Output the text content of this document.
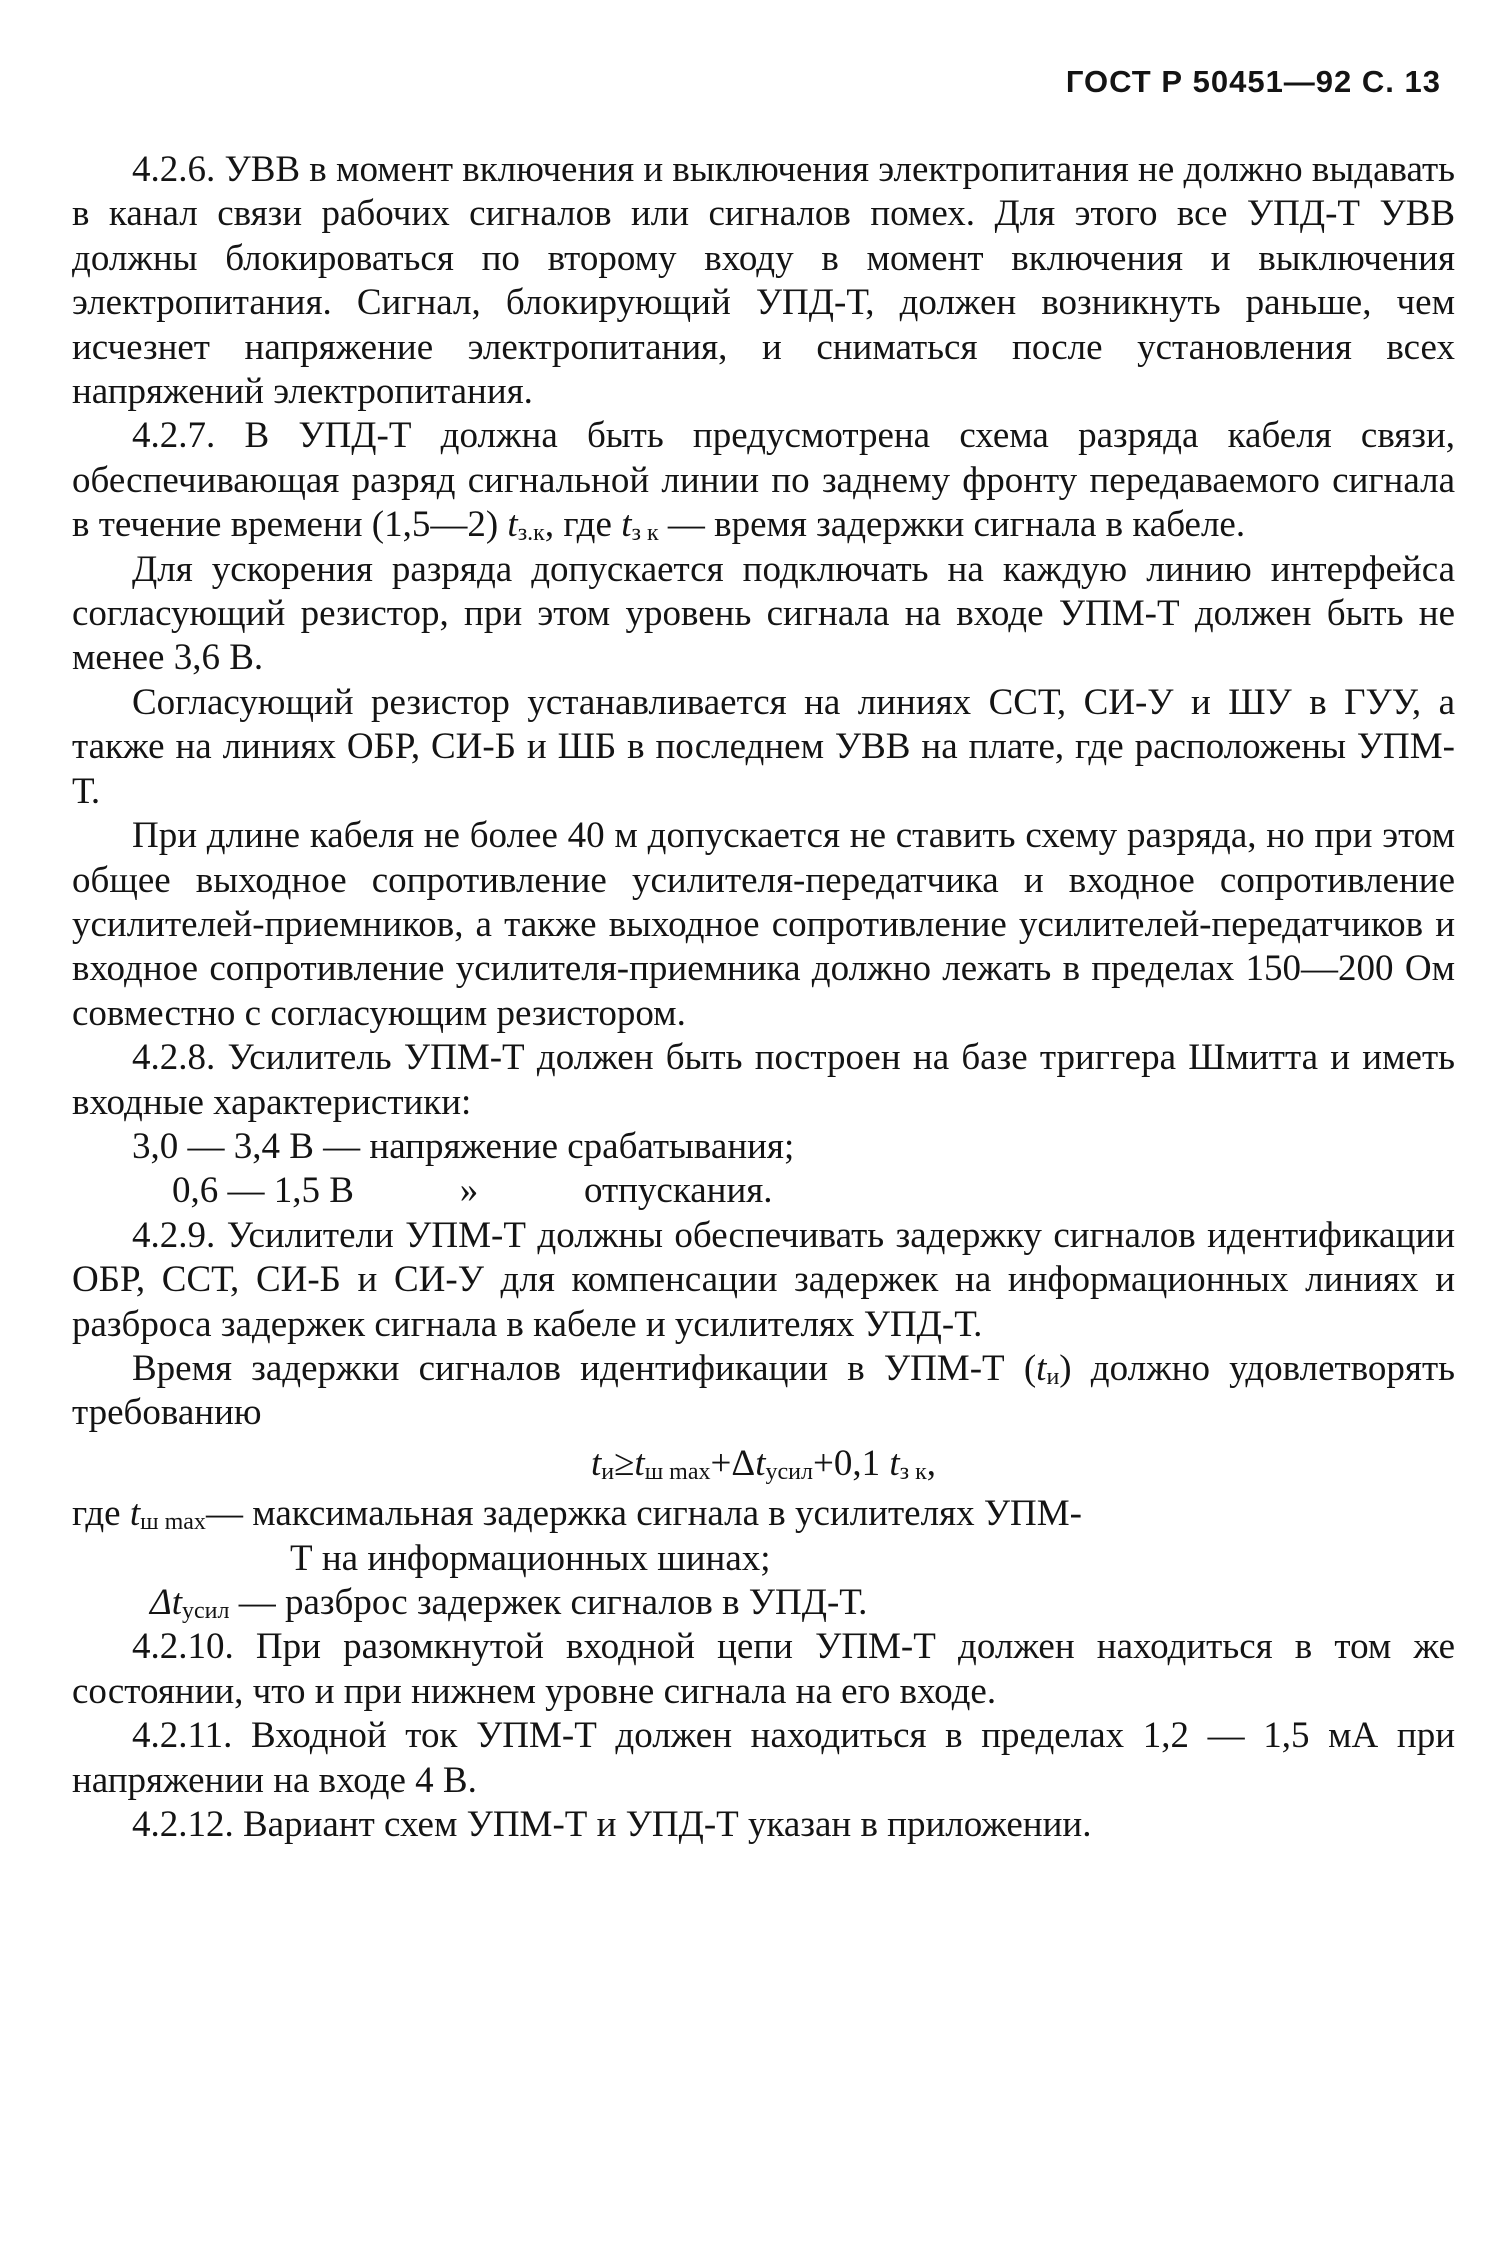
ГОСТ Р 50451—92 С. 13

4.2.6. УВВ в момент включения и выключения электропитания не должно выдавать в канал связи рабочих сигналов или сигналов помех. Для этого все УПД-Т УВВ должны блокироваться по второму входу в момент включения и выключения электропитания. Сигнал, блокирующий УПД-Т, должен возникнуть раньше, чем исчезнет напряжение электропитания, и сниматься после установления всех напряжений электропитания.

4.2.7. В УПД-Т должна быть предусмотрена схема разряда кабеля связи, обеспечивающая разряд сигнальной линии по заднему фронту передаваемого сигнала в течение времени (1,5—2) $t_{з.к}$, где $t_{з к}$ — время задержки сигнала в кабеле.

Для ускорения разряда допускается подключать на каждую линию интерфейса согласующий резистор, при этом уровень сигнала на входе УПМ-Т должен быть не менее 3,6 В.

Согласующий резистор устанавливается на линиях ССТ, СИ-У и ШУ в ГУУ, а также на линиях ОБР, СИ-Б и ШБ в последнем УВВ на плате, где расположены УПМ-Т.

При длине кабеля не более 40 м допускается не ставить схему разряда, но при этом общее выходное сопротивление усилителя-передатчика и входное сопротивление усилителей-приемников, а также выходное сопротивление усилителей-передатчиков и входное сопротивление усилителя-приемника должно лежать в пределах 150—200 Ом совместно с согласующим резистором.

4.2.8. Усилитель УПМ-Т должен быть построен на базе триггера Шмитта и иметь входные характеристики:

3,0 — 3,4 В — напряжение срабатывания;

0,6 — 1,5 В	»	отпускания.

4.2.9. Усилители УПМ-Т должны обеспечивать задержку сигналов идентификации ОБР, ССТ, СИ-Б и СИ-У для компенсации задержек на информационных линиях и разброса задержек сигнала в кабеле и усилителях УПД-Т.

Время задержки сигналов идентификации в УПМ-Т $(t_и)$ должно удовлетворять требованию

$t_и\ge t_{ш max}+\Delta t_{усил}+0,1$ $t_{з к}$,

где $t_{ш max}$ — максимальная задержка сигнала в усилителях УПМ-

Т на информационных шинах;

$\Delta t_{усил}$ — разброс задержек сигналов в УПД-Т.

4.2.10. При разомкнутой входной цепи УПМ-Т должен находиться в том же состоянии, что и при нижнем уровне сигнала на его входе.

4.2.11. Входной ток УПМ-Т должен находиться в пределах 1,2 — 1,5 мА при напряжении на входе 4 В.

4.2.12. Вариант схем УПМ-Т и УПД-Т указан в приложении.
